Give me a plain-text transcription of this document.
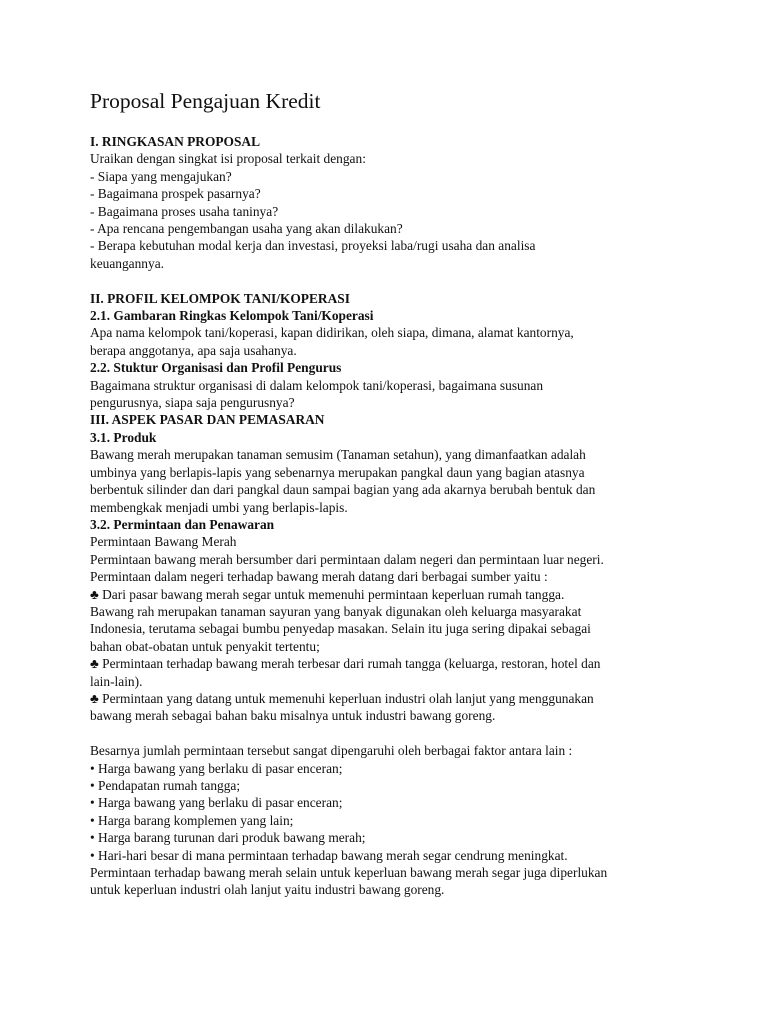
Proposal Pengajuan Kredit
I. RINGKASAN PROPOSAL
Uraikan dengan singkat isi proposal terkait dengan:
- Siapa yang mengajukan?
- Bagaimana prospek pasarnya?
- Bagaimana proses usaha taninya?
- Apa rencana pengembangan usaha yang akan dilakukan?
- Berapa kebutuhan modal kerja dan investasi, proyeksi laba/rugi usaha dan analisa
keuangannya.
II. PROFIL KELOMPOK TANI/KOPERASI
2.1. Gambaran Ringkas Kelompok Tani/Koperasi
Apa nama kelompok tani/koperasi, kapan didirikan, oleh siapa, dimana, alamat kantornya,
berapa anggotanya, apa saja usahanya.
2.2. Stuktur Organisasi dan Profil Pengurus
Bagaimana struktur organisasi di dalam kelompok tani/koperasi, bagaimana susunan
pengurusnya, siapa saja pengurusnya?
III. ASPEK PASAR DAN PEMASARAN
3.1. Produk
Bawang merah merupakan tanaman semusim (Tanaman setahun), yang dimanfaatkan adalah
umbinya yang berlapis-lapis yang sebenarnya merupakan pangkal daun yang bagian atasnya
berbentuk silinder dan dari pangkal daun sampai bagian yang ada akarnya berubah bentuk dan
membengkak menjadi umbi yang berlapis-lapis.
3.2. Permintaan dan Penawaran
Permintaan Bawang Merah
Permintaan bawang merah bersumber dari permintaan dalam negeri dan permintaan luar negeri.
Permintaan dalam negeri terhadap bawang merah datang dari berbagai sumber yaitu :
♣ Dari pasar bawang merah segar untuk memenuhi permintaan keperluan rumah tangga.
Bawang rah merupakan tanaman sayuran yang banyak digunakan oleh keluarga masyarakat
Indonesia, terutama sebagai bumbu penyedap masakan. Selain itu juga sering dipakai sebagai
bahan obat-obatan untuk penyakit tertentu;
♣ Permintaan terhadap bawang merah terbesar dari rumah tangga (keluarga, restoran, hotel dan
lain-lain).
♣ Permintaan yang datang untuk memenuhi keperluan industri olah lanjut yang menggunakan
bawang merah sebagai bahan baku misalnya untuk industri bawang goreng.
Besarnya jumlah permintaan tersebut sangat dipengaruhi oleh berbagai faktor antara lain :
• Harga bawang yang berlaku di pasar enceran;
• Pendapatan rumah tangga;
• Harga bawang yang berlaku di pasar enceran;
• Harga barang komplemen yang lain;
• Harga barang turunan dari produk bawang merah;
• Hari-hari besar di mana permintaan terhadap bawang merah segar cendrung meningkat.
Permintaan terhadap bawang merah selain untuk keperluan bawang merah segar juga diperlukan
untuk keperluan industri olah lanjut yaitu industri bawang goreng.
